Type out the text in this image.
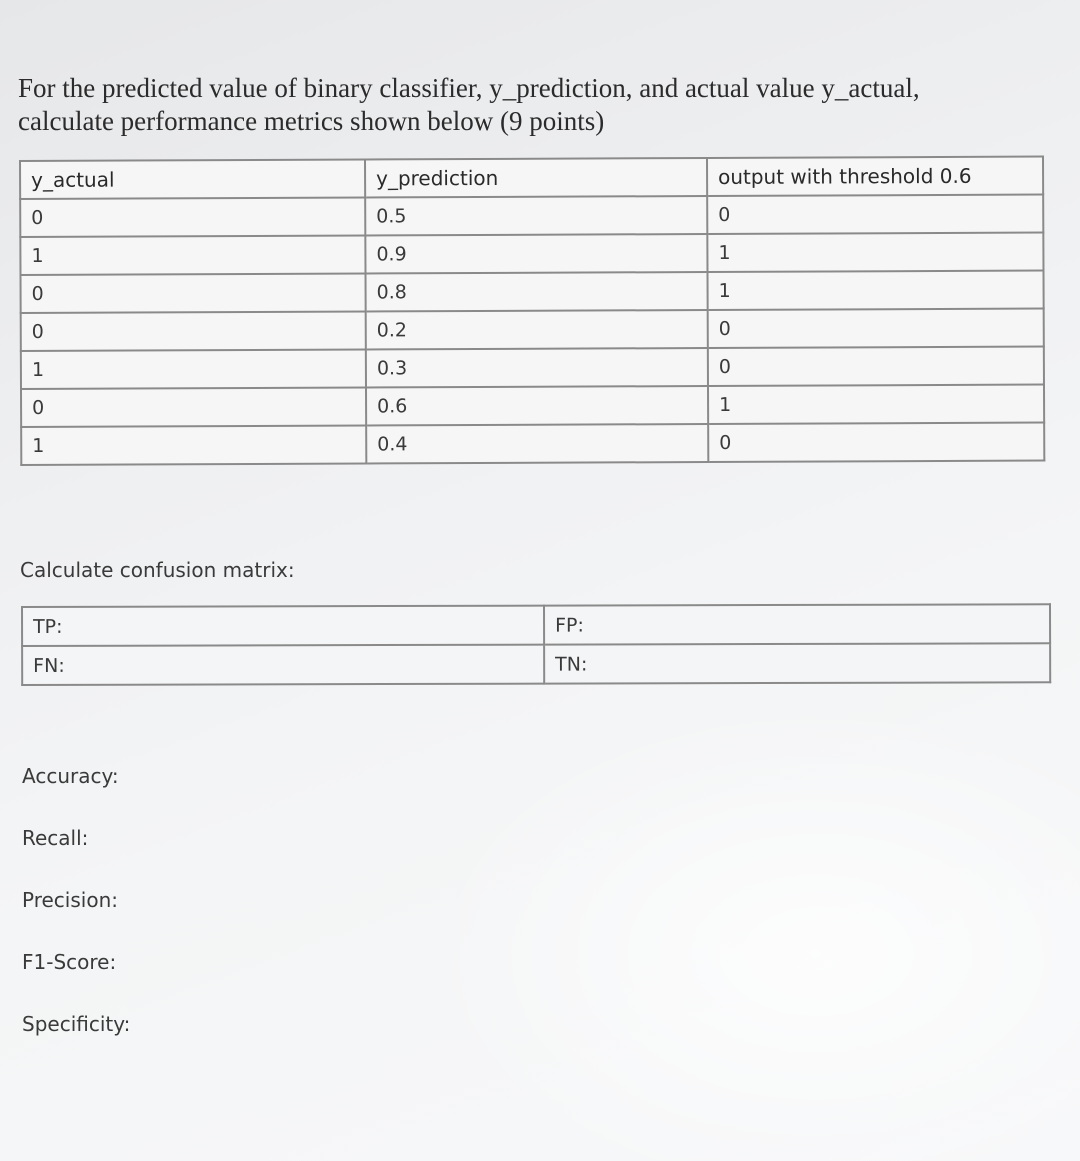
For the predicted value of binary classifier, y_prediction, and actual value y_actual,
calculate performance metrics shown below (9 points)
y_actual	y_prediction	output with threshold 0.6
0	0.5	0
1	0.9	1
0	0.8	1
0	0.2	0
1	0.3	0
0	0.6	1
1	0.4	0
Calculate confusion matrix:
TP:	FP:
FN:	TN:
Accuracy:
Recall:
Precision:
F1-Score:
Specificity:
